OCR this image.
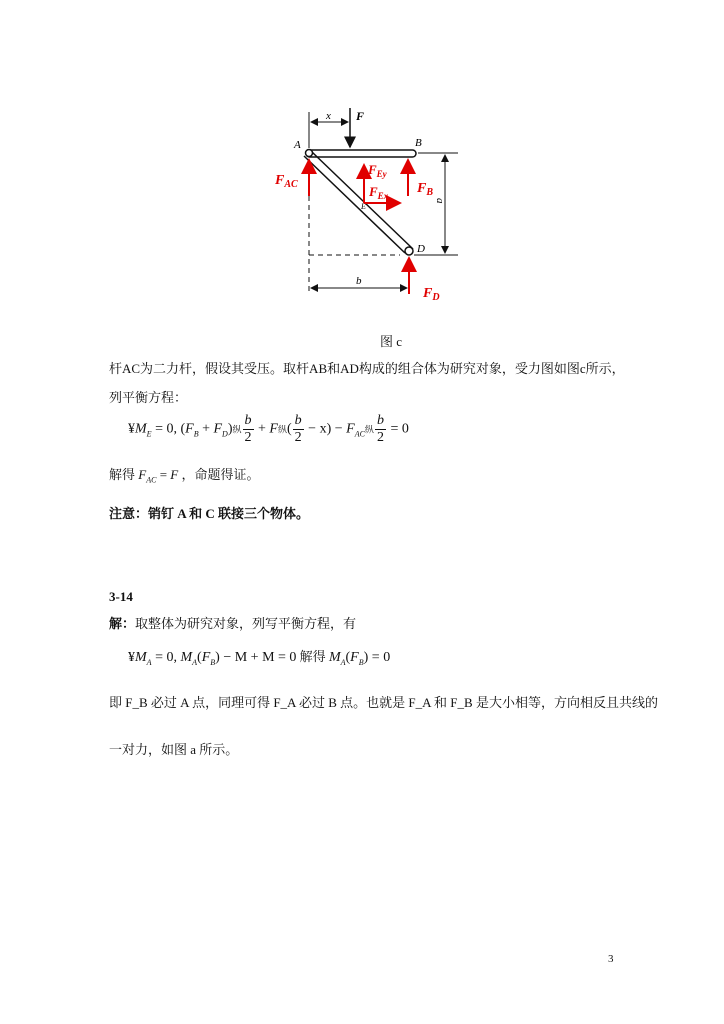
x F
A	B
D
E
a
b
$F_{AC}$
$F_{Ey}$
$F_{Ex}$ $F_B$
$F_D$
图 c
杆AC为二力杆，假设其受压。取杆AB和AD构成的组合体为研究对象，受力图如图c所示，
列平衡方程：
$¥M_E = 0$, $(F_B + F_D)$纵 $\frac{b}{2} + F$纵( $\frac{b}{2} - x) - F_{AC}$纵 $\frac{b}{2} = 0$
解得 $F_{AC} = F$ ，命题得证。
注意：销钉 A 和 C 联接三个物体。
3-14
解：取整体为研究对象，列写平衡方程，有
$¥M_A = 0$, $M_A(F_B) - M + M = 0$ 解得 $M_A(F_B) = 0$
即 F_B 必过 A 点，同理可得 F_A 必过 B 点。也就是 F_A 和 F_B 是大小相等，方向相反且共线的
一对力，如图 a 所示。
3
